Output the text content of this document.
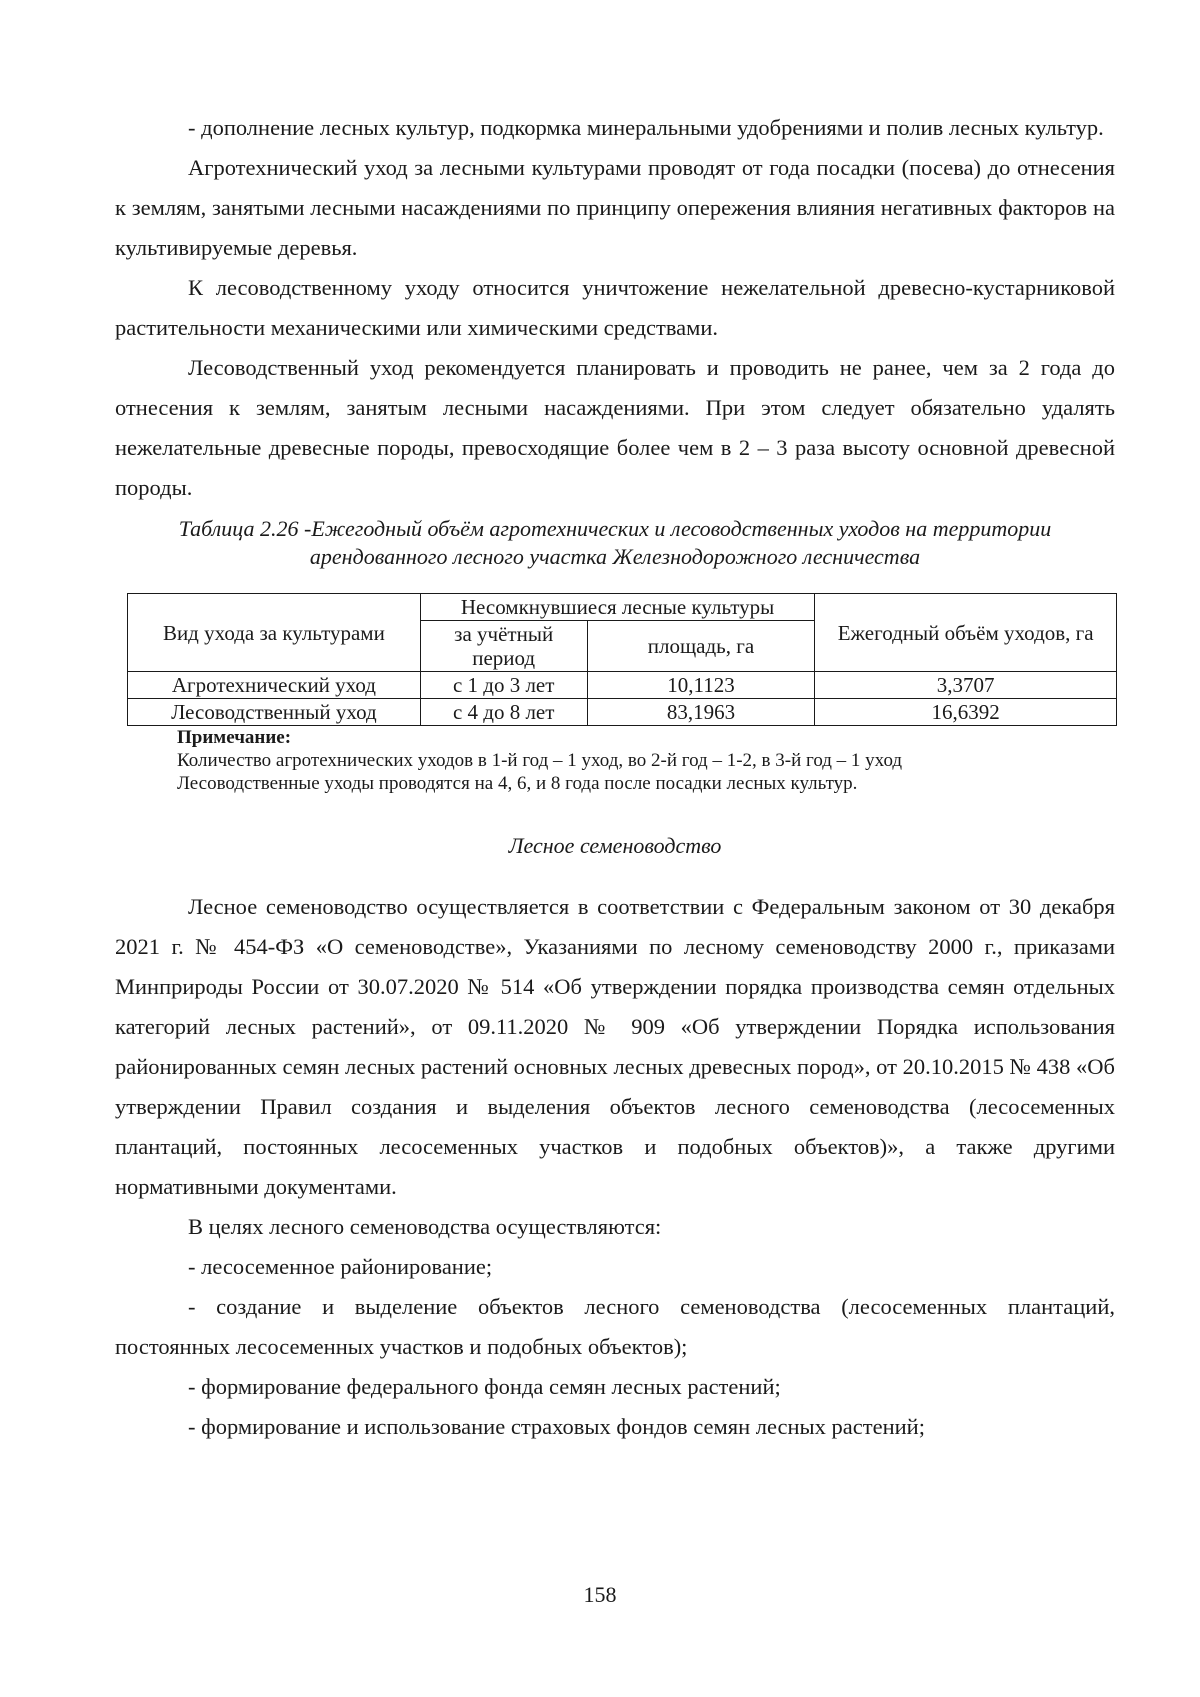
- дополнение лесных культур, подкормка минеральными удобрениями и полив лесных культур.

Агротехнический уход за лесными культурами проводят от года посадки (посева) до отнесения к землям, занятыми лесными насаждениями по принципу опережения влияния негативных факторов на культивируемые деревья.

К лесоводственному уходу относится уничтожение нежелательной древесно-кустарниковой растительности механическими или химическими средствами.

Лесоводственный уход рекомендуется планировать и проводить не ранее, чем за 2 года до отнесения к землям, занятым лесными насаждениями. При этом следует обязательно удалять нежелательные древесные породы, превосходящие более чем в 2 – 3 раза высоту основной древесной породы.

Таблица 2.26 -Ежегодный объём агротехнических и лесоводственных уходов на территории
арендованного лесного участка Железнодорожного лесничества
Вид ухода за культурами	Несомкнувшиеся лесные культуры		Ежегодный объём уходов, га
	за учётный период	площадь, га	
Агротехнический уход	с 1 до 3 лет	10,1123	3,3707
Лесоводственный уход	с 4 до 8 лет	83,1963	16,6392
Примечание:
Количество агротехнических уходов в 1-й год – 1 уход, во 2-й год – 1-2, в 3-й год – 1 уход
Лесоводственные уходы проводятся на 4, 6, и 8 года после посадки лесных культур.
Лесное семеноводство

Лесное семеноводство осуществляется в соответствии с Федеральным законом от 30 декабря 2021 г. № 454-ФЗ «О семеноводстве», Указаниями по лесному семеноводству 2000 г., приказами Минприроды России от 30.07.2020 № 514 «Об утверждении порядка производства семян отдельных категорий лесных растений», от 09.11.2020 № 909 «Об утверждении Порядка использования районированных семян лесных растений основных лесных древесных пород», от 20.10.2015 № 438 «Об утверждении Правил создания и выделения объектов лесного семеноводства (лесосеменных плантаций, постоянных лесосеменных участков и подобных объектов)», а также другими нормативными документами.

В целях лесного семеноводства осуществляются:

- лесосеменное районирование;

- создание и выделение объектов лесного семеноводства (лесосеменных плантаций, постоянных лесосеменных участков и подобных объектов);

- формирование федерального фонда семян лесных растений;

- формирование и использование страховых фондов семян лесных растений;

158
